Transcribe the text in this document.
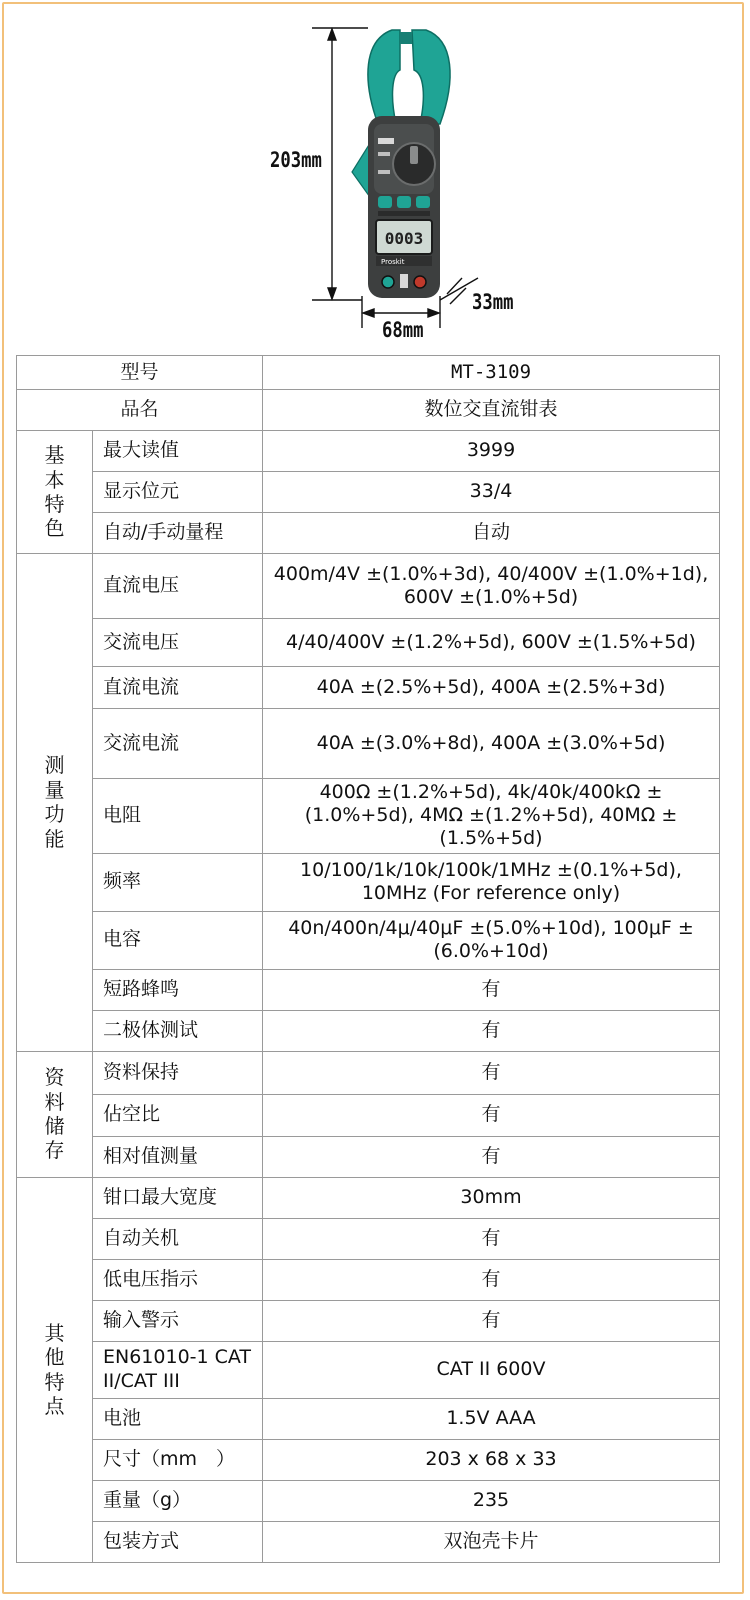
0003
Proskit
203mm
68mm
33mm
型号		MT-3109
品名		数位交直流钳表

基
本
特
色	最大读值	3999
	显示位元	33/4
	自动/手动量程	自动

测
量
功
能	直流电压	400m/4V ±(1.0%+3d), 40/400V ±(1.0%+1d), 600V ±(1.0%+5d)
	交流电压	4/40/400V ±(1.2%+5d), 600V ±(1.5%+5d)
	直流电流	40A ±(2.5%+5d), 400A ±(2.5%+3d)
	交流电流	40A ±(3.0%+8d), 400A ±(3.0%+5d)
	电阻	400Ω ±(1.2%+5d), 4k/40k/400kΩ ±(1.0%+5d), 4MΩ ±(1.2%+5d), 40MΩ ±(1.5%+5d)
	频率	10/100/1k/10k/100k/1MHz ±(0.1%+5d), 10MHz (For reference only)
	电容	40n/400n/4μ/40μF ±(5.0%+10d), 100μF ±(6.0%+10d)
	短路蜂鸣	有
	二极体测试	有

资
料
储
存	资料保持	有
	佔空比	有
	相对值测量	有

其
他
特
点	钳口最大宽度	30mm
	自动关机	有
	低电压指示	有
	输入警示	有
	EN61010-1 CAT II/CAT III	CAT II 600V
	电池	1.5V AAA
	尺寸（mm　）	203 x 68 x 33
	重量（g）	235
	包装方式	双泡壳卡片
